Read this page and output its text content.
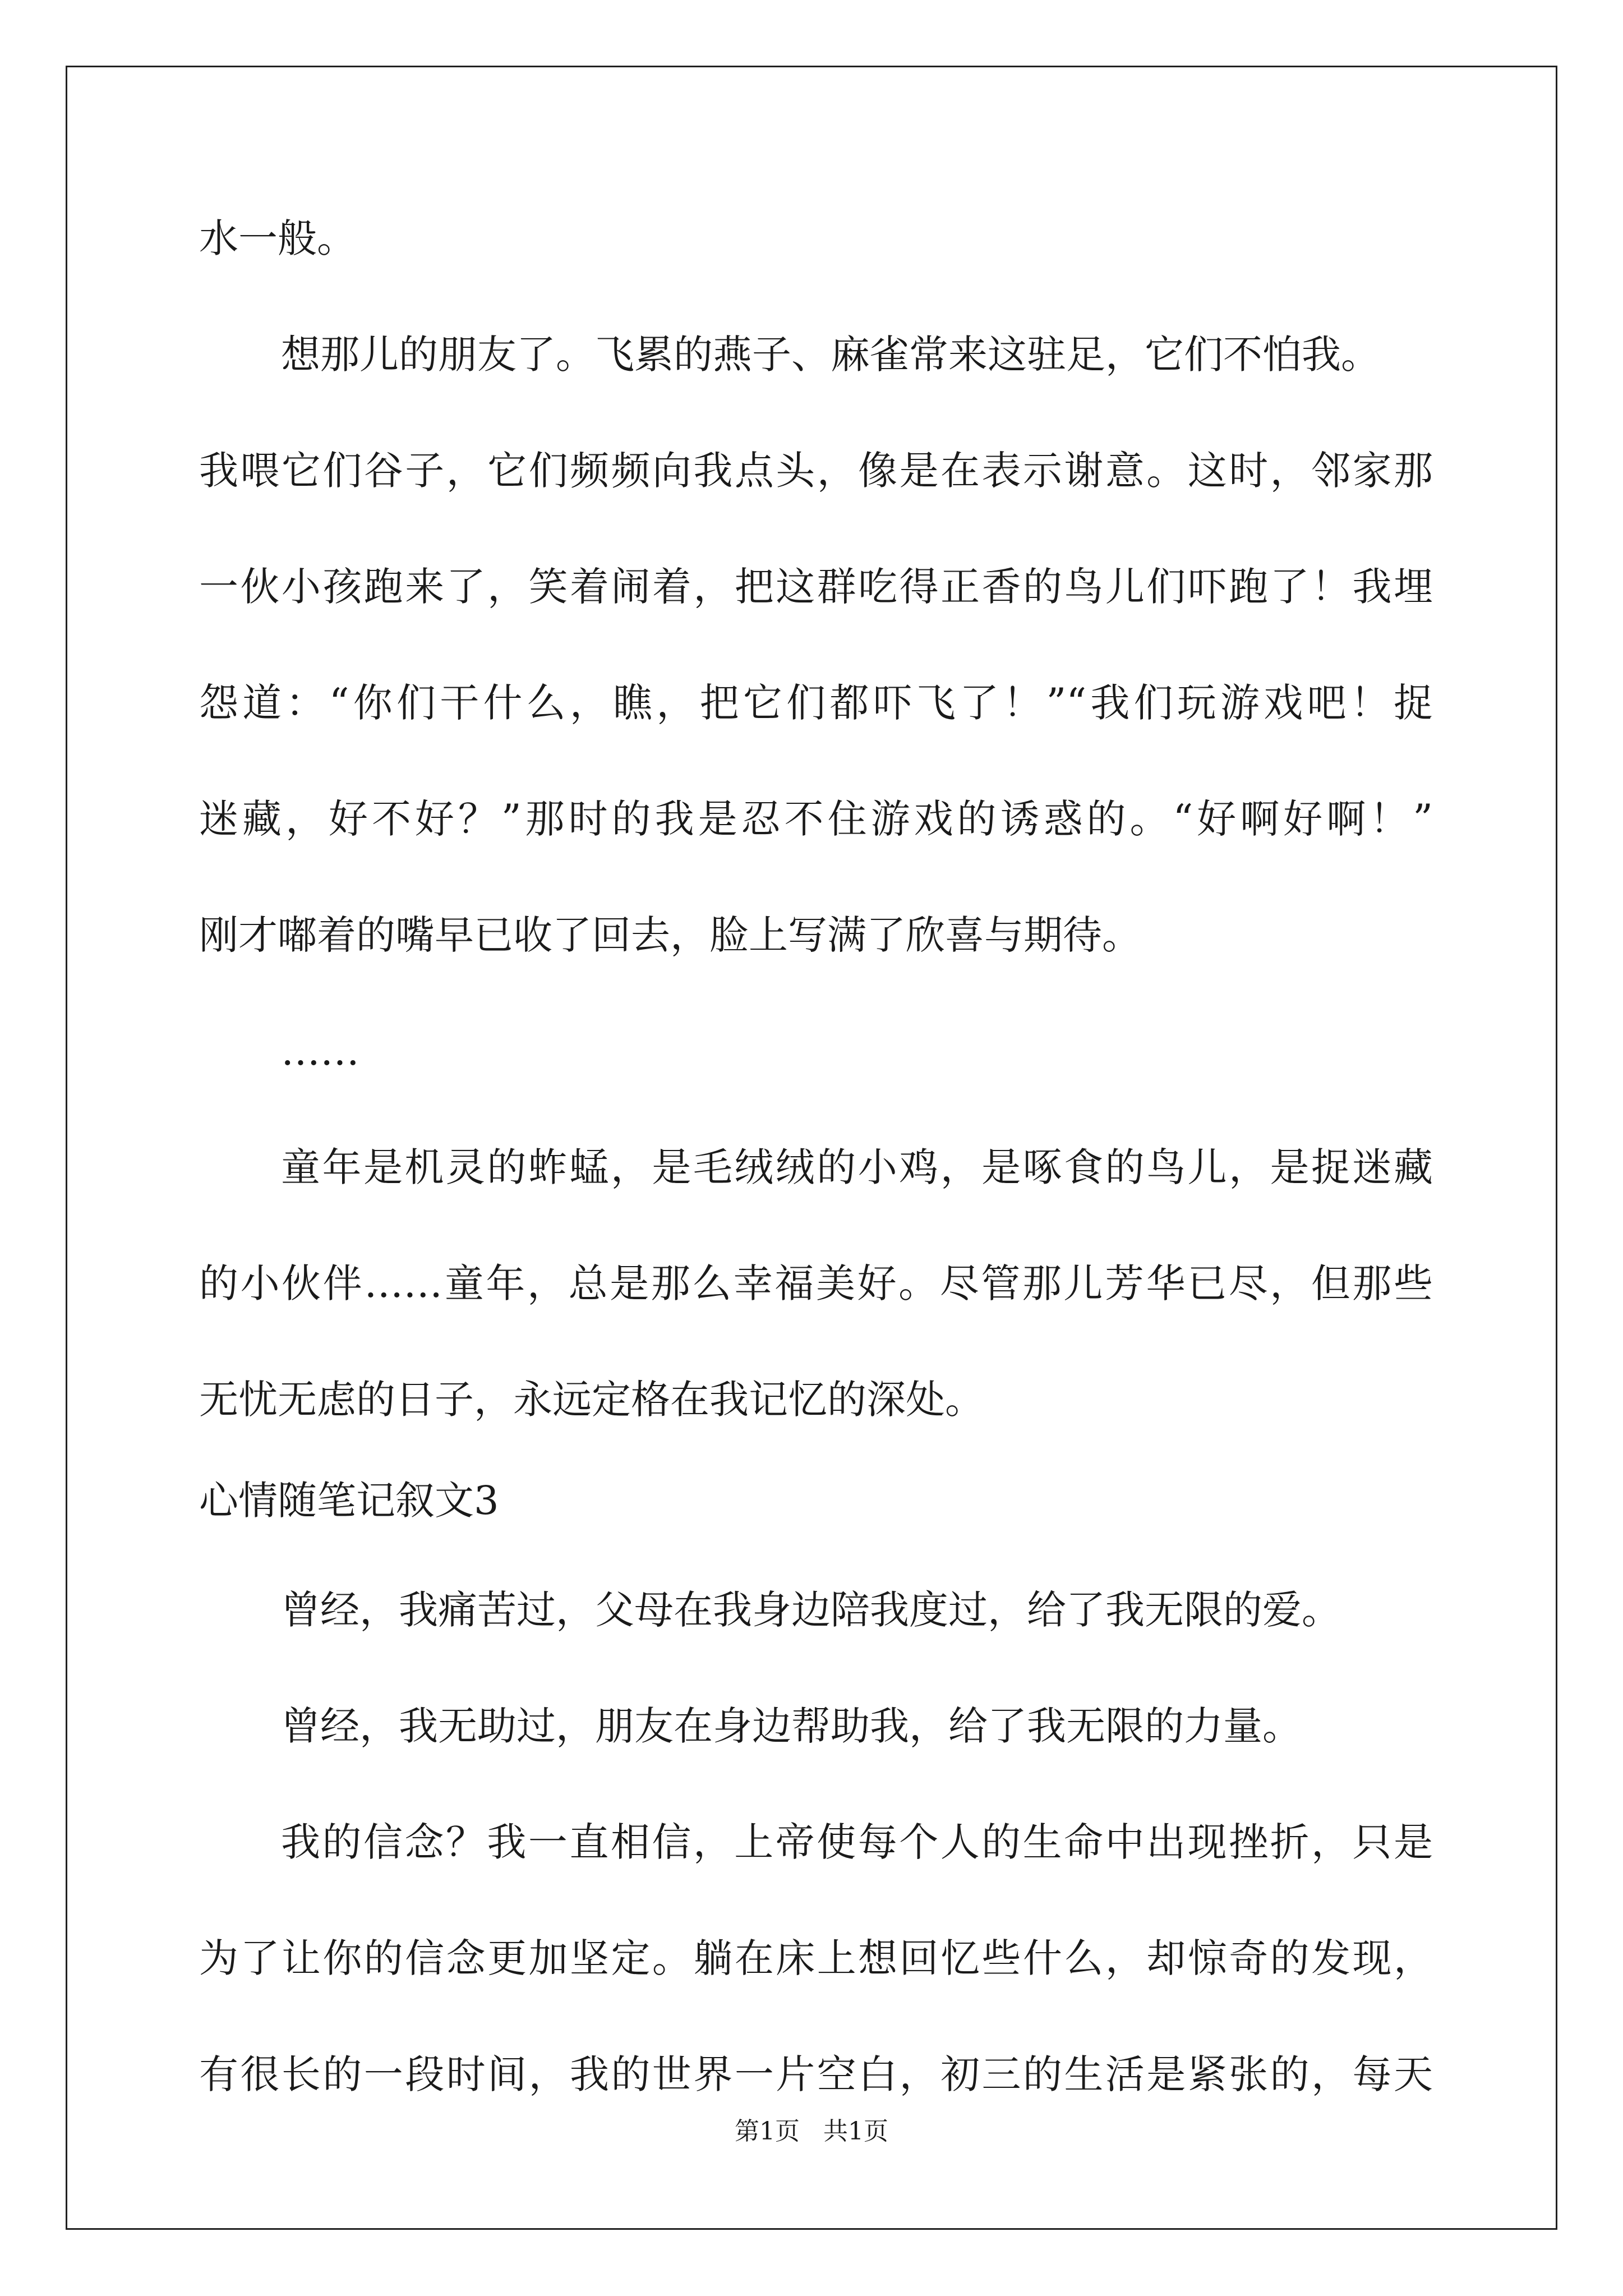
水一般。
想那儿的朋友了。飞累的燕子、麻雀常来这驻足，它们不怕我。
我喂它们谷子，它们频频向我点头，像是在表示谢意。这时，邻家那
一伙小孩跑来了，笑着闹着，把这群吃得正香的鸟儿们吓跑了！我埋
怨道：“你们干什么，瞧，把它们都吓飞了！”“我们玩游戏吧！捉
迷藏，好不好？”那时的我是忍不住游戏的诱惑的。“好啊好啊！”
刚才嘟着的嘴早已收了回去，脸上写满了欣喜与期待。
……
童年是机灵的蚱蜢，是毛绒绒的小鸡，是啄食的鸟儿，是捉迷藏
的小伙伴……童年，总是那么幸福美好。尽管那儿芳华已尽，但那些
无忧无虑的日子，永远定格在我记忆的深处。
心情随笔记叙文3
曾经，我痛苦过，父母在我身边陪我度过，给了我无限的爱。
曾经，我无助过，朋友在身边帮助我，给了我无限的力量。
我的信念？我一直相信，上帝使每个人的生命中出现挫折，只是
为了让你的信念更加坚定。躺在床上想回忆些什么，却惊奇的发现，
有很长的一段时间，我的世界一片空白，初三的生活是紧张的，每天
第1页   共1页
